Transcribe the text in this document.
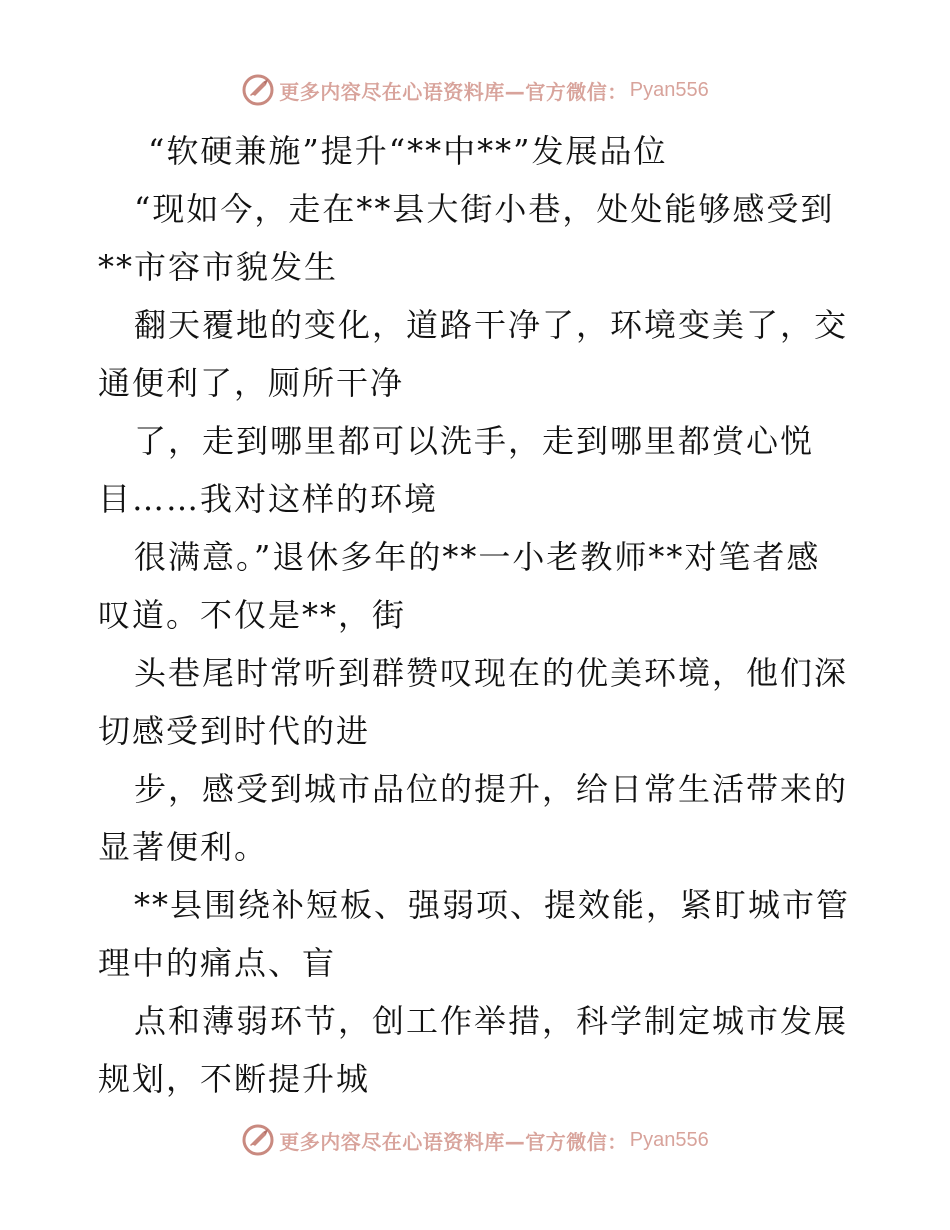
更多内容尽在心语资料库—官方微信： Pyan556
“软硬兼施”提升“**中**”发展品位
“现如今，走在**县大街小巷，处处能够感受到
**市容市貌发生
翻天覆地的变化，道路干净了，环境变美了，交
通便利了，厕所干净
了，走到哪里都可以洗手，走到哪里都赏心悦
目……我对这样的环境
很满意。”退休多年的**一小老教师**对笔者感
叹道。不仅是**，街
头巷尾时常听到群赞叹现在的优美环境，他们深
切感受到时代的进
步，感受到城市品位的提升，给日常生活带来的
显著便利。
**县围绕补短板、强弱项、提效能，紧盯城市管
理中的痛点、盲
点和薄弱环节，创工作举措，科学制定城市发展
规划，不断提升城
更多内容尽在心语资料库—官方微信： Pyan556
